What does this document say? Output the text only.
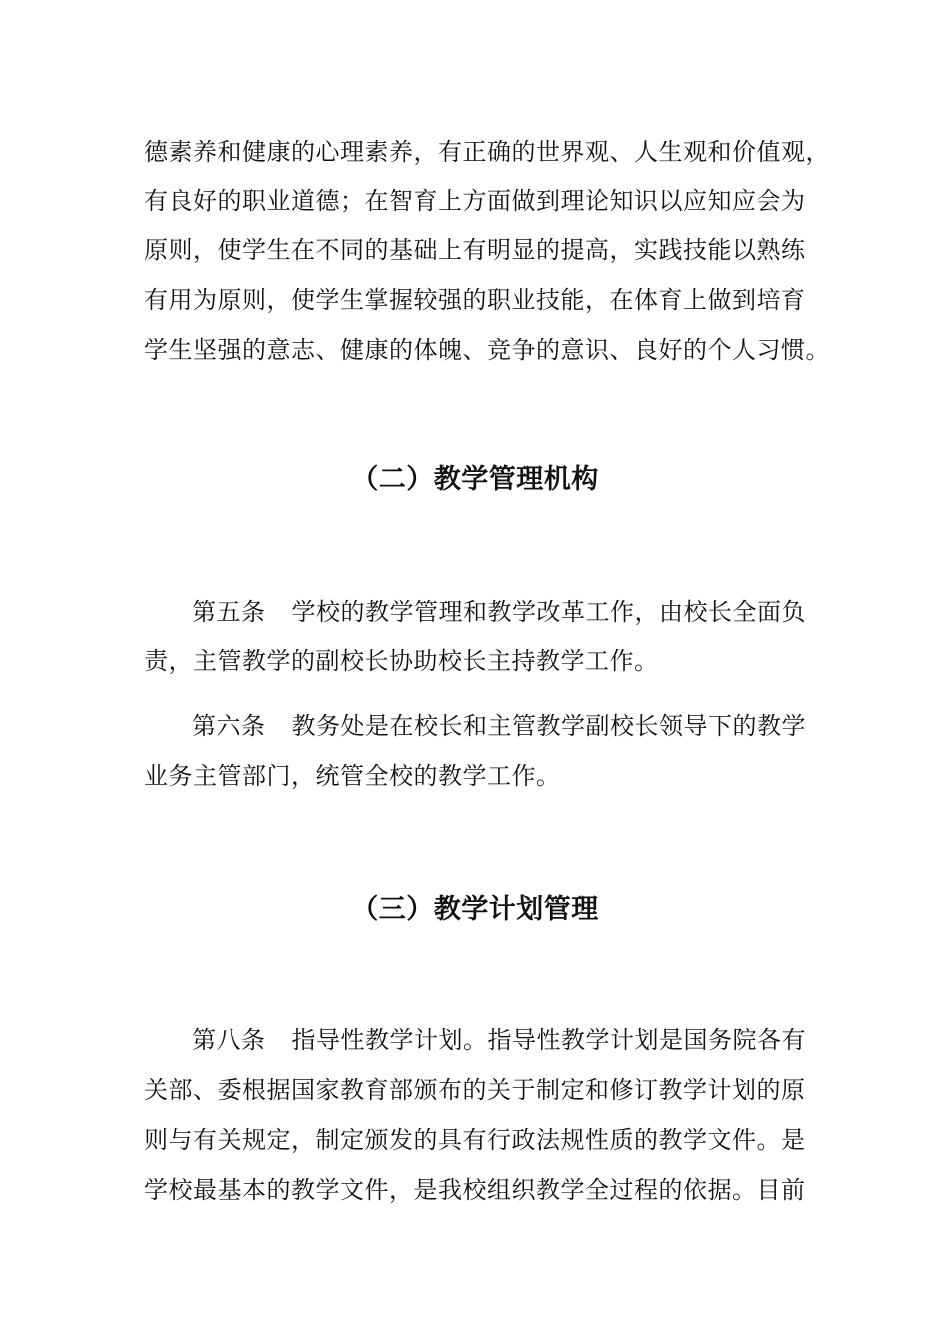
德素养和健康的心理素养，有正确的世界观、人生观和价值观，

有良好的职业道德；在智育上方面做到理论知识以应知应会为

原则，使学生在不同的基础上有明显的提高，实践技能以熟练

有用为原则，使学生掌握较强的职业技能，在体育上做到培育

学生坚强的意志、健康的体魄、竞争的意识、良好的个人习惯。

（二）教学管理机构

第五条 学校的教学管理和教学改革工作，由校长全面负

责，主管教学的副校长协助校长主持教学工作。

第六条 教务处是在校长和主管教学副校长领导下的教学

业务主管部门，统管全校的教学工作。

（三）教学计划管理

第八条 指导性教学计划。指导性教学计划是国务院各有

关部、委根据国家教育部颁布的关于制定和修订教学计划的原

则与有关规定，制定颁发的具有行政法规性质的教学文件。是

学校最基本的教学文件，是我校组织教学全过程的依据。目前
